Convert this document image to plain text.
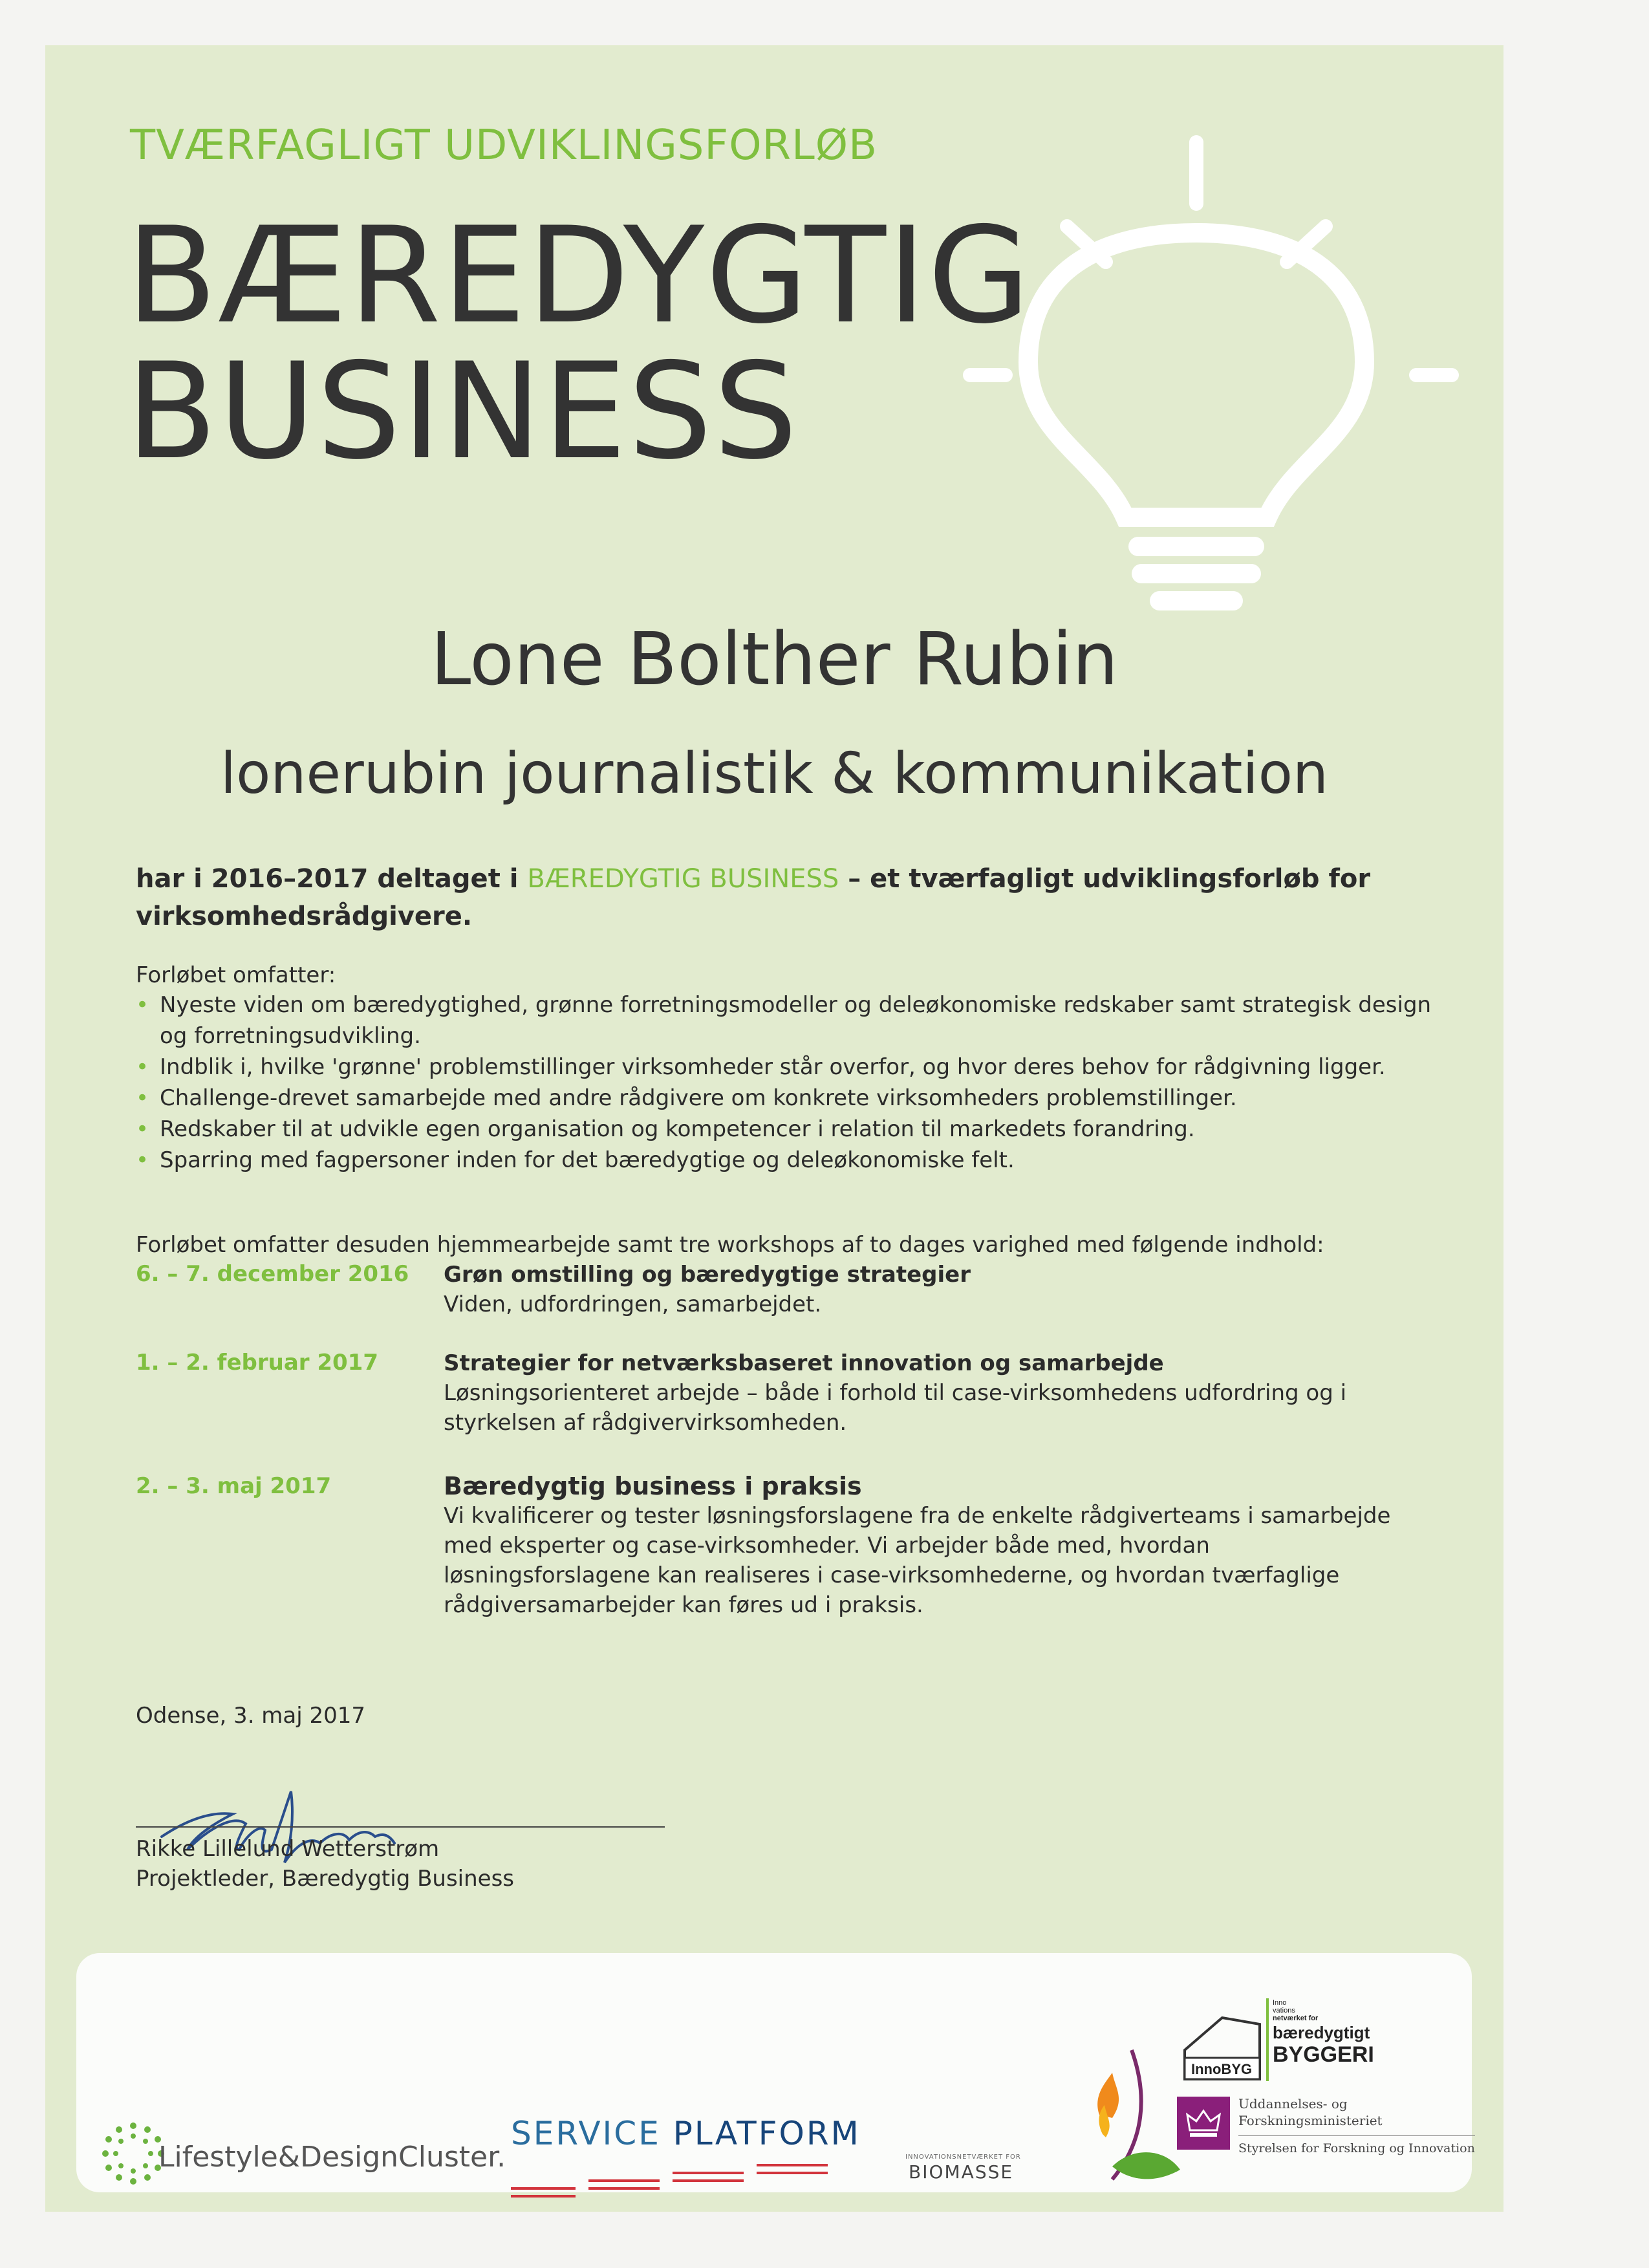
TVÆRFAGLIGT UDVIKLINGSFORLØB
BÆREDYGTIG
BUSINESS
Lone Bolther Rubin
lonerubin journalistik & kommunikation
har i 2016–2017 deltaget i BÆREDYGTIG BUSINESS – et tværfagligt udviklingsforløb for virksomhedsrådgivere.
Forløbet omfatter:
• Nyeste viden om bæredygtighed, grønne forretningsmodeller og deleøkonomiske redskaber samt strategisk design og forretningsudvikling.
• Indblik i, hvilke 'grønne' problemstillinger virksomheder står overfor, og hvor deres behov for rådgivning ligger.
• Challenge-drevet samarbejde med andre rådgivere om konkrete virksomheders problemstillinger.
• Redskaber til at udvikle egen organisation og kompetencer i relation til markedets forandring.
• Sparring med fagpersoner inden for det bæredygtige og deleøkonomiske felt.
Forløbet omfatter desuden hjemmearbejde samt tre workshops af to dages varighed med følgende indhold:
6. – 7. december 2016 Grøn omstilling og bæredygtige strategier
Viden, udfordringen, samarbejdet.
1. – 2. februar 2017	Strategier for netværksbaseret innovation og samarbejde
Løsningsorienteret arbejde – både i forhold til case-virksomhedens udfordring og i styrkelsen af rådgivervirksomheden.
2. – 3. maj 2017	Bæredygtig business i praksis
Vi kvalificerer og tester løsningsforslagene fra de enkelte rådgiverteams i samarbejde med eksperter og case-virksomheder. Vi arbejder både med, hvordan løsningsforslagene kan realiseres i case-virksomhederne, og hvordan tværfaglige rådgiversamarbejder kan føres ud i praksis.
Odense, 3. maj 2017
Rikke Lillelund Wetterstrøm
Projektleder, Bæredygtig Business
Lifestyle&DesignCluster.
SERVICE PLATFORM
INNOVATIONSNETVÆRKET FOR
BIOMASSE
InnoBYG
Inno
vations
netværket for
bæredygtigt
BYGGERI
Uddannelses- og Forskningsministeriet
Styrelsen for Forskning og Innovation
